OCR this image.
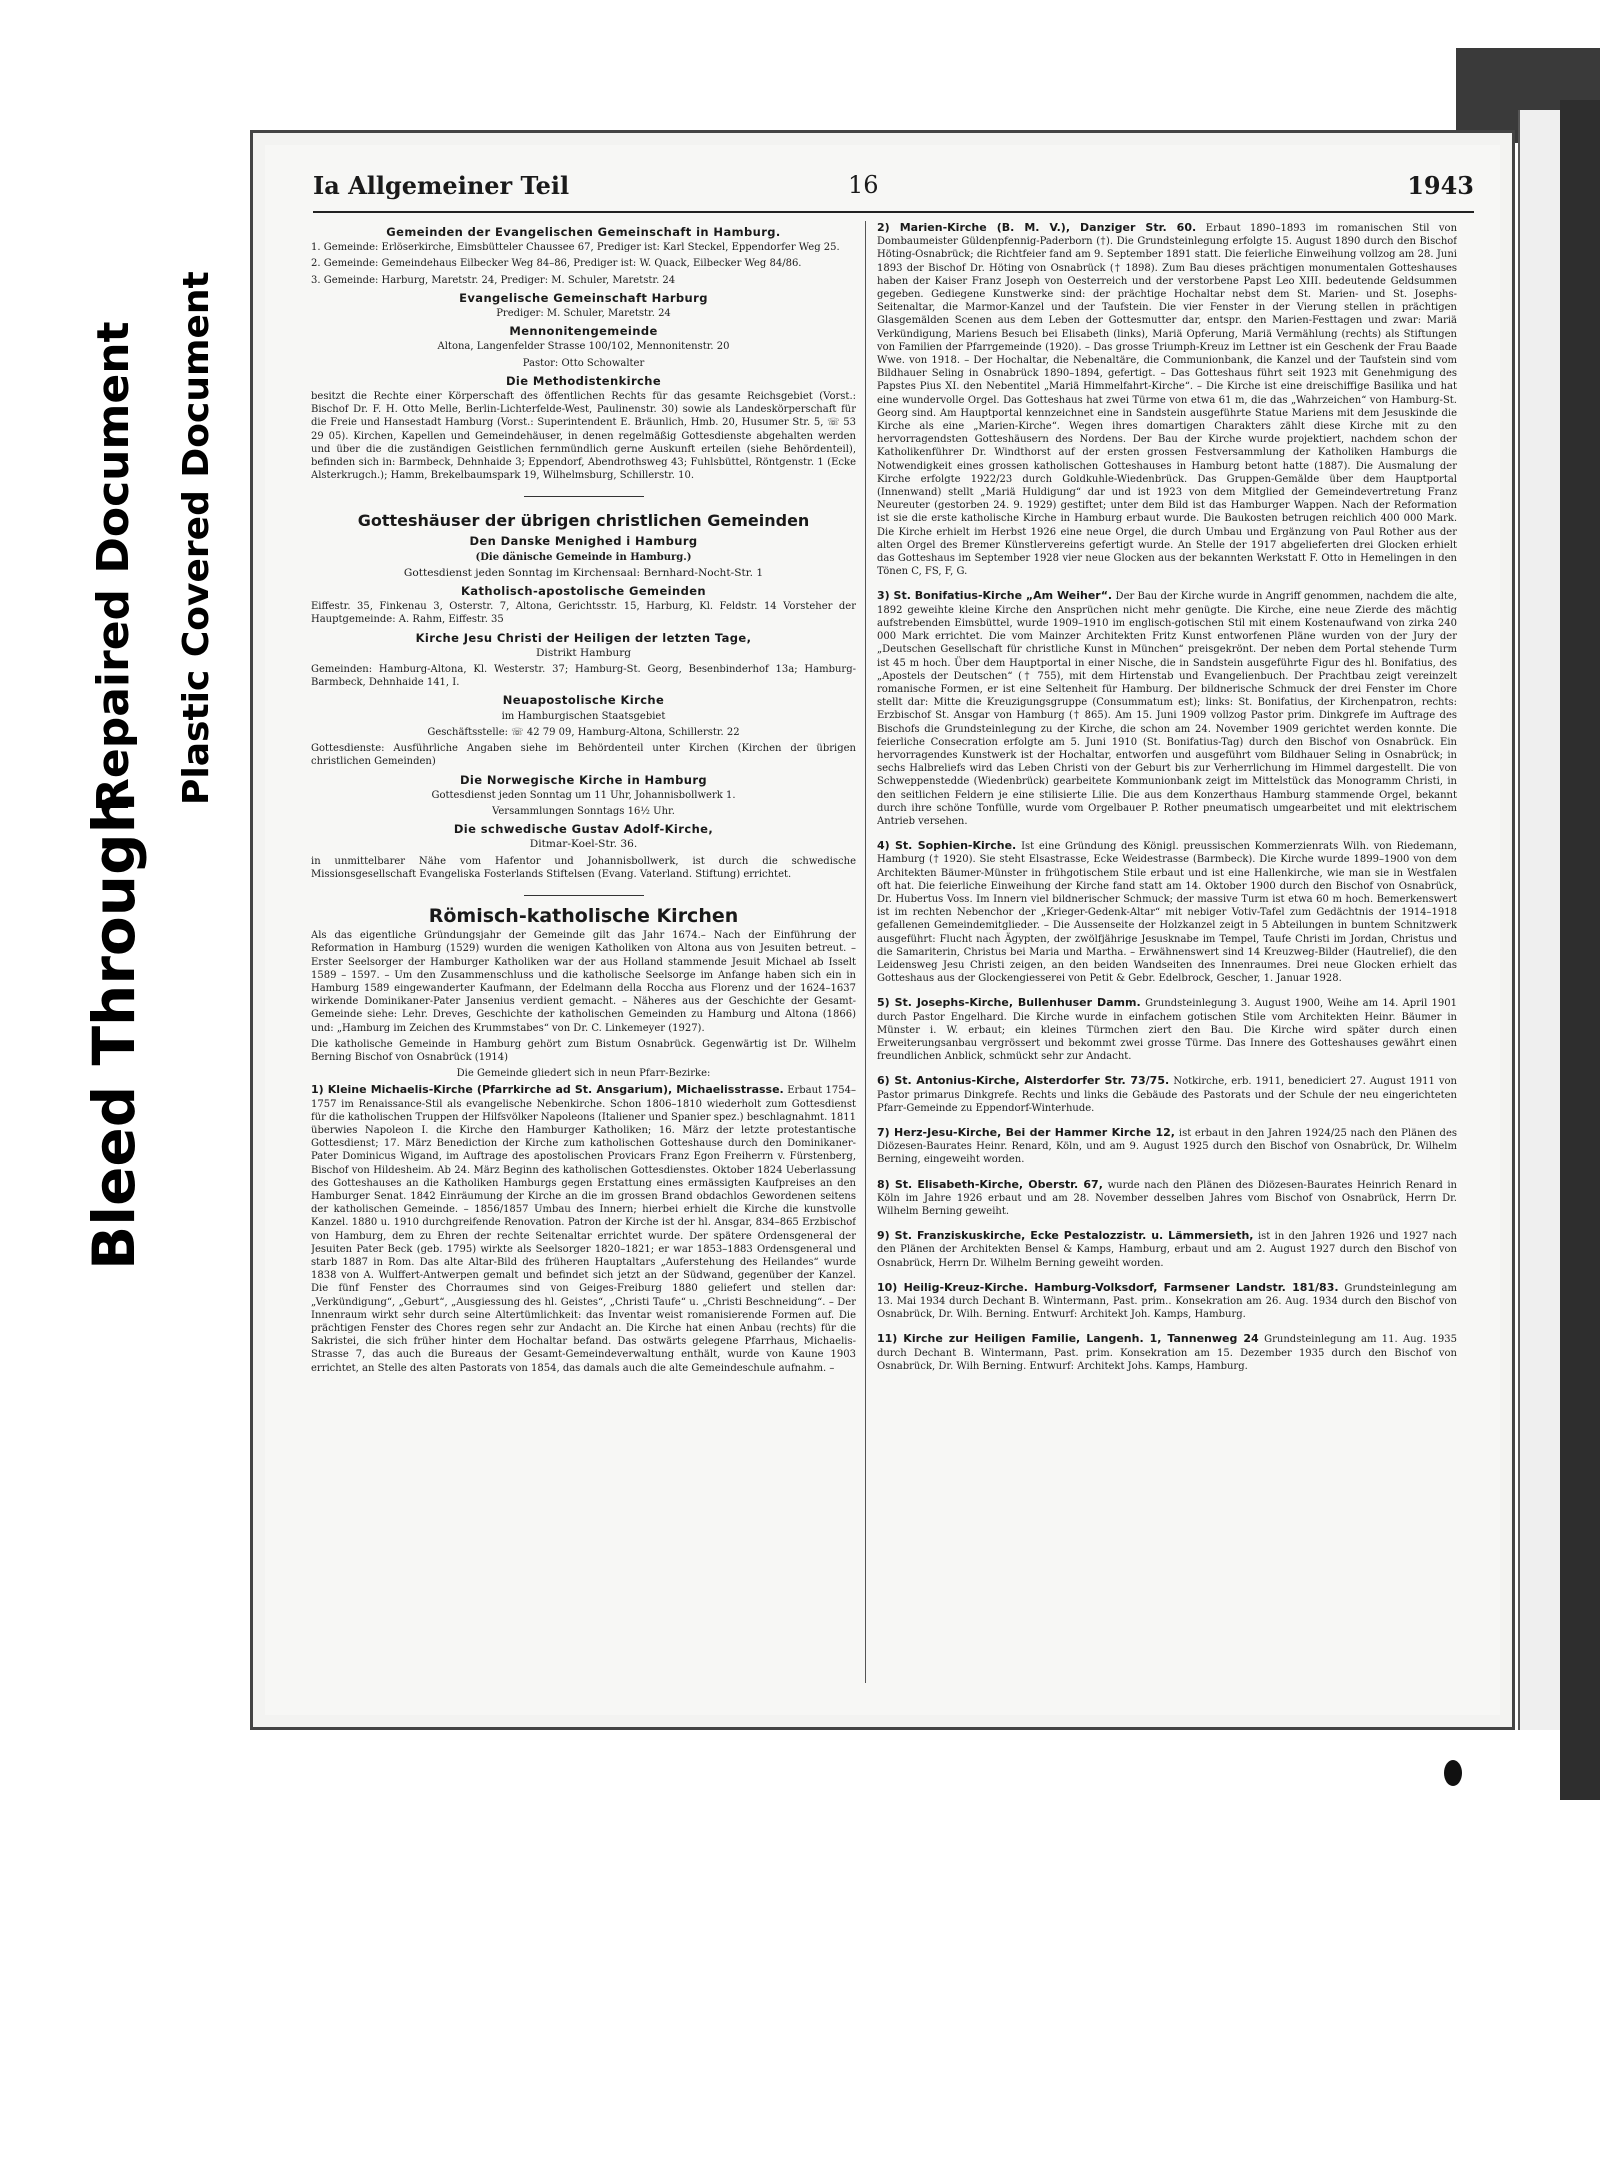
Bleed Through
Repaired Document Plastic Covered Document
Ia Allgemeiner Teil	16	1943
Gemeinden der Evangelischen Gemeinschaft in Hamburg.

1. Gemeinde: Erlöserkirche, Eimsbütteler Chaussee 67, Prediger ist: Karl Steckel, Eppendorfer Weg 25.

2. Gemeinde: Gemeindehaus Eilbecker Weg 84–86, Prediger ist: W. Quack, Eilbecker Weg 84/86.

3. Gemeinde: Harburg, Maretstr. 24, Prediger: M. Schuler, Maretstr. 24

Evangelische Gemeinschaft Harburg

Prediger: M. Schuler, Maretstr. 24

Mennonitengemeinde

Altona, Langenfelder Strasse 100/102, Mennonitenstr. 20

Pastor: Otto Schowalter

Die Methodistenkirche

besitzt die Rechte einer Körperschaft des öffentlichen Rechts für das gesamte Reichsgebiet (Vorst.: Bischof Dr. F. H. Otto Melle, Berlin-Lichterfelde-West, Paulinenstr. 30) sowie als Landeskörperschaft für die Freie und Hansestadt Hamburg (Vorst.: Superintendent E. Bräunlich, Hmb. 20, Husumer Str. 5, ☏ 53 29 05). Kirchen, Kapellen und Gemeindehäuser, in denen regelmäßig Gottesdienste abgehalten werden und über die die zuständigen Geistlichen fernmündlich gerne Auskunft erteilen (siehe Behördenteil), befinden sich in: Barmbeck, Dehnhaide 3; Eppendorf, Abendrothsweg 43; Fuhlsbüttel, Röntgenstr. 1 (Ecke Alsterkrugch.); Hamm, Brekelbaumspark 19, Wilhelmsburg, Schillerstr. 10.

Gotteshäuser der übrigen christlichen Gemeinden
Den Danske Menighed i Hamburg

(Die dänische Gemeinde in Hamburg.)

Gottesdienst jeden Sonntag im Kirchensaal: Bernhard-Nocht-Str. 1

Katholisch-apostolische Gemeinden

Eiffestr. 35, Finkenau 3, Osterstr. 7, Altona, Gerichtsstr. 15, Harburg, Kl. Feldstr. 14 Vorsteher der Hauptgemeinde: A. Rahm, Eiffestr. 35

Kirche Jesu Christi der Heiligen der letzten Tage,

Distrikt Hamburg

Gemeinden: Hamburg-Altona, Kl. Westerstr. 37; Hamburg-St. Georg, Besenbinderhof 13a; Hamburg-Barmbeck, Dehnhaide 141, I.

Neuapostolische Kirche

im Hamburgischen Staatsgebiet

Geschäftsstelle: ☏ 42 79 09, Hamburg-Altona, Schillerstr. 22

Gottesdienste: Ausführliche Angaben siehe im Behördenteil unter Kirchen (Kirchen der übrigen christlichen Gemeinden)

Die Norwegische Kirche in Hamburg

Gottesdienst jeden Sonntag um 11 Uhr, Johannisbollwerk 1.

Versammlungen Sonntags 16½ Uhr.

Die schwedische Gustav Adolf-Kirche,

Ditmar-Koel-Str. 36.

in unmittelbarer Nähe vom Hafentor und Johannisbollwerk, ist durch die schwedische Missionsgesellschaft Evangeliska Fosterlands Stiftelsen (Evang. Vaterland. Stiftung) errichtet.

Römisch-katholische Kirchen

Als das eigentliche Gründungsjahr der Gemeinde gilt das Jahr 1674.– Nach der Einführung der Reformation in Hamburg (1529) wurden die wenigen Katholiken von Altona aus von Jesuiten betreut. – Erster Seelsorger der Hamburger Katholiken war der aus Holland stammende Jesuit Michael ab Isselt 1589 – 1597. – Um den Zusammenschluss und die katholische Seelsorge im Anfange haben sich ein in Hamburg 1589 eingewanderter Kaufmann, der Edelmann della Roccha aus Florenz und der 1624–1637 wirkende Dominikaner-Pater Jansenius verdient gemacht. – Näheres aus der Geschichte der Gesamt-Gemeinde siehe: Lehr. Dreves, Geschichte der katholischen Gemeinden zu Hamburg und Altona (1866) und: „Hamburg im Zeichen des Krummstabes“ von Dr. C. Linkemeyer (1927).

Die katholische Gemeinde in Hamburg gehört zum Bistum Osnabrück. Gegenwärtig ist Dr. Wilhelm Berning Bischof von Osnabrück (1914)

Die Gemeinde gliedert sich in neun Pfarr-Bezirke:

1) Kleine Michaelis-Kirche (Pfarrkirche ad St. Ansgarium), Michaelisstrasse. Erbaut 1754–1757 im Renaissance-Stil als evangelische Nebenkirche. Schon 1806–1810 wiederholt zum Gottesdienst für die katholischen Truppen der Hilfsvölker Napoleons (Italiener und Spanier spez.) beschlagnahmt. 1811 überwies Napoleon I. die Kirche den Hamburger Katholiken; 16. März der letzte protestantische Gottesdienst; 17. März Benediction der Kirche zum katholischen Gotteshause durch den Dominikaner-Pater Dominicus Wigand, im Auftrage des apostolischen Provicars Franz Egon Freiherrn v. Fürstenberg, Bischof von Hildesheim. Ab 24. März Beginn des katholischen Gottesdienstes. Oktober 1824 Ueberlassung des Gotteshauses an die Katholiken Hamburgs gegen Erstattung eines ermässigten Kaufpreises an den Hamburger Senat. 1842 Einräumung der Kirche an die im grossen Brand obdachlos Gewordenen seitens der katholischen Gemeinde. – 1856/1857 Umbau des Innern; hierbei erhielt die Kirche die kunstvolle Kanzel. 1880 u. 1910 durchgreifende Renovation. Patron der Kirche ist der hl. Ansgar, 834–865 Erzbischof von Hamburg, dem zu Ehren der rechte Seitenaltar errichtet wurde. Der spätere Ordensgeneral der Jesuiten Pater Beck (geb. 1795) wirkte als Seelsorger 1820–1821; er war 1853–1883 Ordensgeneral und starb 1887 in Rom. Das alte Altar-Bild des früheren Hauptaltars „Auferstehung des Heilandes“ wurde 1838 von A. Wulffert-Antwerpen gemalt und befindet sich jetzt an der Südwand, gegenüber der Kanzel. Die fünf Fenster des Chorraumes sind von Geiges-Freiburg 1880 geliefert und stellen dar: „Verkündigung“, „Geburt“, „Ausgiessung des hl. Geistes“, „Christi Taufe“ u. „Christi Beschneidung“. – Der Innenraum wirkt sehr durch seine Altertümlichkeit: das Inventar weist romanisierende Formen auf. Die prächtigen Fenster des Chores regen sehr zur Andacht an. Die Kirche hat einen Anbau (rechts) für die Sakristei, die sich früher hinter dem Hochaltar befand. Das ostwärts gelegene Pfarrhaus, Michaelis-Strasse 7, das auch die Bureaus der Gesamt-Gemeindeverwaltung enthält, wurde von Kaune 1903 errichtet, an Stelle des alten Pastorats von 1854, das damals auch die alte Gemeindeschule aufnahm. –

2) Marien-Kirche (B. M. V.), Danziger Str. 60. Erbaut 1890–1893 im romanischen Stil von Dombaumeister Güldenpfennig-Paderborn (†). Die Grundsteinlegung erfolgte 15. August 1890 durch den Bischof Höting-Osnabrück; die Richtfeier fand am 9. September 1891 statt. Die feierliche Einweihung vollzog am 28. Juni 1893 der Bischof Dr. Höting von Osnabrück († 1898). Zum Bau dieses prächtigen monumentalen Gotteshauses haben der Kaiser Franz Joseph von Oesterreich und der verstorbene Papst Leo XIII. bedeutende Geldsummen gegeben. Gediegene Kunstwerke sind: der prächtige Hochaltar nebst dem St. Marien- und St. Josephs-Seitenaltar, die Marmor-Kanzel und der Taufstein. Die vier Fenster in der Vierung stellen in prächtigen Glasgemälden Scenen aus dem Leben der Gottesmutter dar, entspr. den Marien-Festtagen und zwar: Mariä Verkündigung, Mariens Besuch bei Elisabeth (links), Mariä Opferung, Mariä Vermählung (rechts) als Stiftungen von Familien der Pfarrgemeinde (1920). – Das grosse Triumph-Kreuz im Lettner ist ein Geschenk der Frau Baade Wwe. von 1918. – Der Hochaltar, die Nebenaltäre, die Communionbank, die Kanzel und der Taufstein sind vom Bildhauer Seling in Osnabrück 1890–1894, gefertigt. – Das Gotteshaus führt seit 1923 mit Genehmigung des Papstes Pius XI. den Nebentitel „Mariä Himmelfahrt-Kirche“. – Die Kirche ist eine dreischiffige Basilika und hat eine wundervolle Orgel. Das Gotteshaus hat zwei Türme von etwa 61 m, die das „Wahrzeichen“ von Hamburg-St. Georg sind. Am Hauptportal kennzeichnet eine in Sandstein ausgeführte Statue Mariens mit dem Jesuskinde die Kirche als eine „Marien-Kirche“. Wegen ihres domartigen Charakters zählt diese Kirche mit zu den hervorragendsten Gotteshäusern des Nordens. Der Bau der Kirche wurde projektiert, nachdem schon der Katholikenführer Dr. Windthorst auf der ersten grossen Festversammlung der Katholiken Hamburgs die Notwendigkeit eines grossen katholischen Gotteshauses in Hamburg betont hatte (1887). Die Ausmalung der Kirche erfolgte 1922/23 durch Goldkuhle-Wiedenbrück. Das Gruppen-Gemälde über dem Hauptportal (Innenwand) stellt „Mariä Huldigung“ dar und ist 1923 von dem Mitglied der Gemeindevertretung Franz Neureuter (gestorben 24. 9. 1929) gestiftet; unter dem Bild ist das Hamburger Wappen. Nach der Reformation ist sie die erste katholische Kirche in Hamburg erbaut wurde. Die Baukosten betrugen reichlich 400 000 Mark. Die Kirche erhielt im Herbst 1926 eine neue Orgel, die durch Umbau und Ergänzung von Paul Rother aus der alten Orgel des Bremer Künstlervereins gefertigt wurde. An Stelle der 1917 abgelieferten drei Glocken erhielt das Gotteshaus im September 1928 vier neue Glocken aus der bekannten Werkstatt F. Otto in Hemelingen in den Tönen C, FS, F, G.
3) St. Bonifatius-Kirche „Am Weiher“. Der Bau der Kirche wurde in Angriff genommen, nachdem die alte, 1892 geweihte kleine Kirche den Ansprüchen nicht mehr genügte. Die Kirche, eine neue Zierde des mächtig aufstrebenden Eimsbüttel, wurde 1909–1910 im englisch-gotischen Stil mit einem Kostenaufwand von zirka 240 000 Mark errichtet. Die vom Mainzer Architekten Fritz Kunst entworfenen Pläne wurden von der Jury der „Deutschen Gesellschaft für christliche Kunst in München“ preisgekrönt. Der neben dem Portal stehende Turm ist 45 m hoch. Über dem Hauptportal in einer Nische, die in Sandstein ausgeführte Figur des hl. Bonifatius, des „Apostels der Deutschen“ († 755), mit dem Hirtenstab und Evangelienbuch. Der Prachtbau zeigt vereinzelt romanische Formen, er ist eine Seltenheit für Hamburg. Der bildnerische Schmuck der drei Fenster im Chore stellt dar: Mitte die Kreuzigungsgruppe (Consummatum est); links: St. Bonifatius, der Kirchenpatron, rechts: Erzbischof St. Ansgar von Hamburg († 865). Am 15. Juni 1909 vollzog Pastor prim. Dinkgrefe im Auftrage des Bischofs die Grundsteinlegung zu der Kirche, die schon am 24. November 1909 gerichtet werden konnte. Die feierliche Consecration erfolgte am 5. Juni 1910 (St. Bonifatius-Tag) durch den Bischof von Osnabrück. Ein hervorragendes Kunstwerk ist der Hochaltar, entworfen und ausgeführt vom Bildhauer Seling in Osnabrück; in sechs Halbreliefs wird das Leben Christi von der Geburt bis zur Verherrlichung im Himmel dargestellt. Die von Schweppenstedde (Wiedenbrück) gearbeitete Kommunionbank zeigt im Mittelstück das Monogramm Christi, in den seitlichen Feldern je eine stilisierte Lilie. Die aus dem Konzerthaus Hamburg stammende Orgel, bekannt durch ihre schöne Tonfülle, wurde vom Orgelbauer P. Rother pneumatisch umgearbeitet und mit elektrischem Antrieb versehen.
4) St. Sophien-Kirche. Ist eine Gründung des Königl. preussischen Kommerzienrats Wilh. von Riedemann, Hamburg († 1920). Sie steht Elsastrasse, Ecke Weidestrasse (Barmbeck). Die Kirche wurde 1899–1900 von dem Architekten Bäumer-Münster in frühgotischem Stile erbaut und ist eine Hallenkirche, wie man sie in Westfalen oft hat. Die feierliche Einweihung der Kirche fand statt am 14. Oktober 1900 durch den Bischof von Osnabrück, Dr. Hubertus Voss. Im Innern viel bildnerischer Schmuck; der massive Turm ist etwa 60 m hoch. Bemerkenswert ist im rechten Nebenchor der „Krieger-Gedenk-Altar“ mit nebiger Votiv-Tafel zum Gedächtnis der 1914–1918 gefallenen Gemeindemitglieder. – Die Aussenseite der Holzkanzel zeigt in 5 Abteilungen in buntem Schnitzwerk ausgeführt: Flucht nach Ägypten, der zwölfjährige Jesusknabe im Tempel, Taufe Christi im Jordan, Christus und die Samariterin, Christus bei Maria und Martha. – Erwähnenswert sind 14 Kreuzweg-Bilder (Hautrelief), die den Leidensweg Jesu Christi zeigen, an den beiden Wandseiten des Innenraumes. Drei neue Glocken erhielt das Gotteshaus aus der Glockengiesserei von Petit & Gebr. Edelbrock, Gescher, 1. Januar 1928.
5) St. Josephs-Kirche, Bullenhuser Damm. Grundsteinlegung 3. August 1900, Weihe am 14. April 1901 durch Pastor Engelhard. Die Kirche wurde in einfachem gotischen Stile vom Architekten Heinr. Bäumer in Münster i. W. erbaut; ein kleines Türmchen ziert den Bau. Die Kirche wird später durch einen Erweiterungsanbau vergrössert und bekommt zwei grosse Türme. Das Innere des Gotteshauses gewährt einen freundlichen Anblick, schmückt sehr zur Andacht.
6) St. Antonius-Kirche, Alsterdorfer Str. 73/75. Notkirche, erb. 1911, benediciert 27. August 1911 von Pastor primarus Dinkgrefe. Rechts und links die Gebäude des Pastorats und der Schule der neu eingerichteten Pfarr-Gemeinde zu Eppendorf-Winterhude.
7) Herz-Jesu-Kirche, Bei der Hammer Kirche 12, ist erbaut in den Jahren 1924/25 nach den Plänen des Diözesen-Baurates Heinr. Renard, Köln, und am 9. August 1925 durch den Bischof von Osnabrück, Dr. Wilhelm Berning, eingeweiht worden.
8) St. Elisabeth-Kirche, Oberstr. 67, wurde nach den Plänen des Diözesen-Baurates Heinrich Renard in Köln im Jahre 1926 erbaut und am 28. November desselben Jahres vom Bischof von Osnabrück, Herrn Dr. Wilhelm Berning geweiht.
9) St. Franziskuskirche, Ecke Pestalozzistr. u. Lämmersieth, ist in den Jahren 1926 und 1927 nach den Plänen der Architekten Bensel & Kamps, Hamburg, erbaut und am 2. August 1927 durch den Bischof von Osnabrück, Herrn Dr. Wilhelm Berning geweiht worden.
10) Heilig-Kreuz-Kirche. Hamburg-Volksdorf, Farmsener Landstr. 181/83. Grundsteinlegung am 13. Mai 1934 durch Dechant B. Wintermann, Past. prim.. Konsekration am 26. Aug. 1934 durch den Bischof von Osnabrück, Dr. Wilh. Berning. Entwurf: Architekt Joh. Kamps, Hamburg.
11) Kirche zur Heiligen Familie, Langenh. 1, Tannenweg 24 Grundsteinlegung am 11. Aug. 1935 durch Dechant B. Wintermann, Past. prim. Konsekration am 15. Dezember 1935 durch den Bischof von Osnabrück, Dr. Wilh Berning. Entwurf: Architekt Johs. Kamps, Hamburg.
